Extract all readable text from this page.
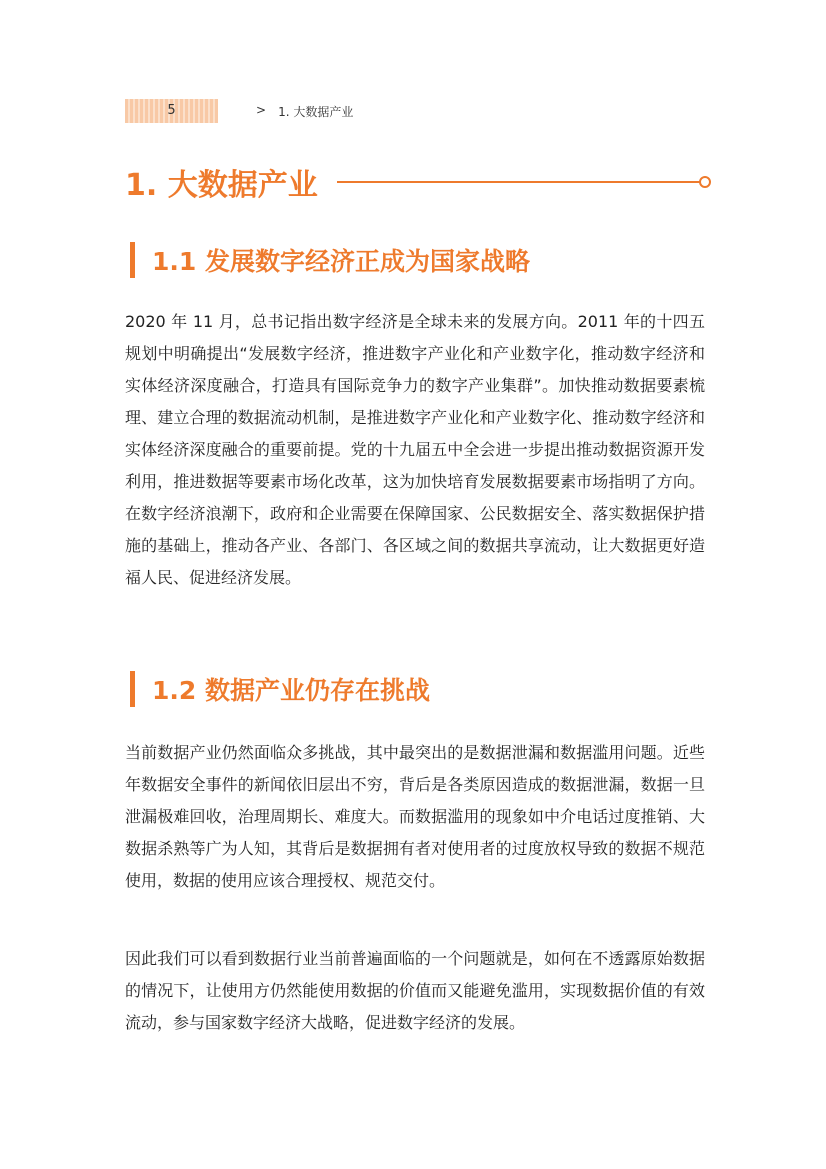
5	> 1. 大数据产业
1. 大数据产业
1.1 发展数字经济正成为国家战略

2020 年 11 月，总书记指出数字经济是全球未来的发展方向。2011 年的十四五规划中明确提出“发展数字经济，推进数字产业化和产业数字化，推动数字经济和实体经济深度融合，打造具有国际竞争力的数字产业集群”。加快推动数据要素梳理、建立合理的数据流动机制，是推进数字产业化和产业数字化、推动数字经济和实体经济深度融合的重要前提。党的十九届五中全会进一步提出推动数据资源开发利用，推进数据等要素市场化改革，这为加快培育发展数据要素市场指明了方向。在数字经济浪潮下，政府和企业需要在保障国家、公民数据安全、落实数据保护措施的基础上，推动各产业、各部门、各区域之间的数据共享流动，让大数据更好造福人民、促进经济发展。

1.2 数据产业仍存在挑战

当前数据产业仍然面临众多挑战，其中最突出的是数据泄漏和数据滥用问题。近些年数据安全事件的新闻依旧层出不穷，背后是各类原因造成的数据泄漏，数据一旦泄漏极难回收，治理周期长、难度大。而数据滥用的现象如中介电话过度推销、大数据杀熟等广为人知，其背后是数据拥有者对使用者的过度放权导致的数据不规范使用，数据的使用应该合理授权、规范交付。

因此我们可以看到数据行业当前普遍面临的一个问题就是，如何在不透露原始数据的情况下，让使用方仍然能使用数据的价值而又能避免滥用，实现数据价值的有效流动，参与国家数字经济大战略，促进数字经济的发展。
